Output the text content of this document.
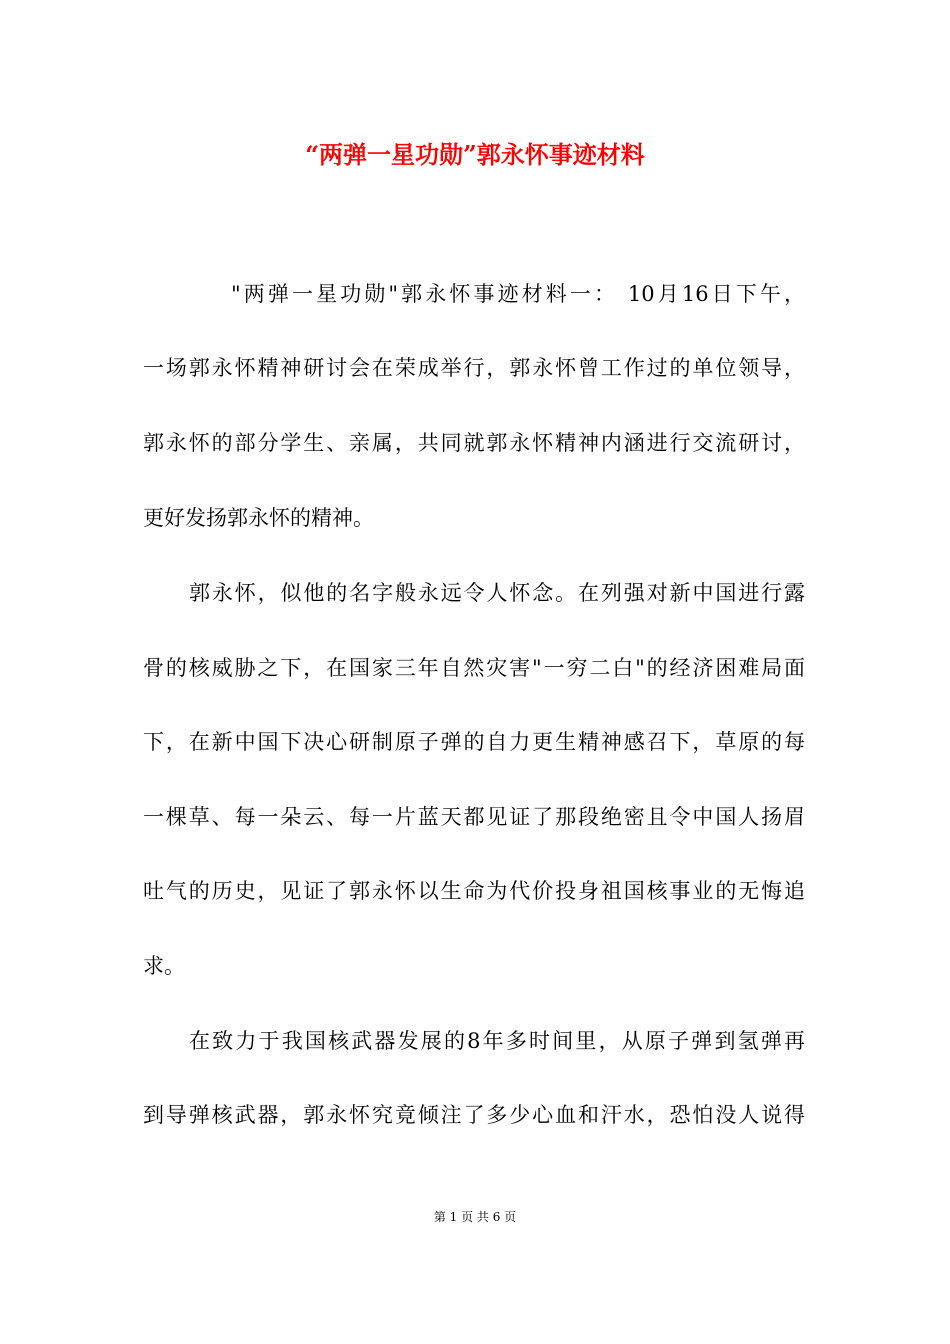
“两弹一星功勋”郭永怀事迹材料

"两弹一星功勋"郭永怀事迹材料一： 10月16日下午，

一场郭永怀精神研讨会在荣成举行，郭永怀曾工作过的单位领导，

郭永怀的部分学生、亲属，共同就郭永怀精神内涵进行交流研讨，

更好发扬郭永怀的精神。

郭永怀，似他的名字般永远令人怀念。在列强对新中国进行露

骨的核威胁之下，在国家三年自然灾害"一穷二白"的经济困难局面

下，在新中国下决心研制原子弹的自力更生精神感召下，草原的每

一棵草、每一朵云、每一片蓝天都见证了那段绝密且令中国人扬眉

吐气的历史，见证了郭永怀以生命为代价投身祖国核事业的无悔追

求。

在致力于我国核武器发展的8年多时间里，从原子弹到氢弹再

到导弹核武器，郭永怀究竟倾注了多少心血和汗水，恐怕没人说得

第 1 页 共 6 页
